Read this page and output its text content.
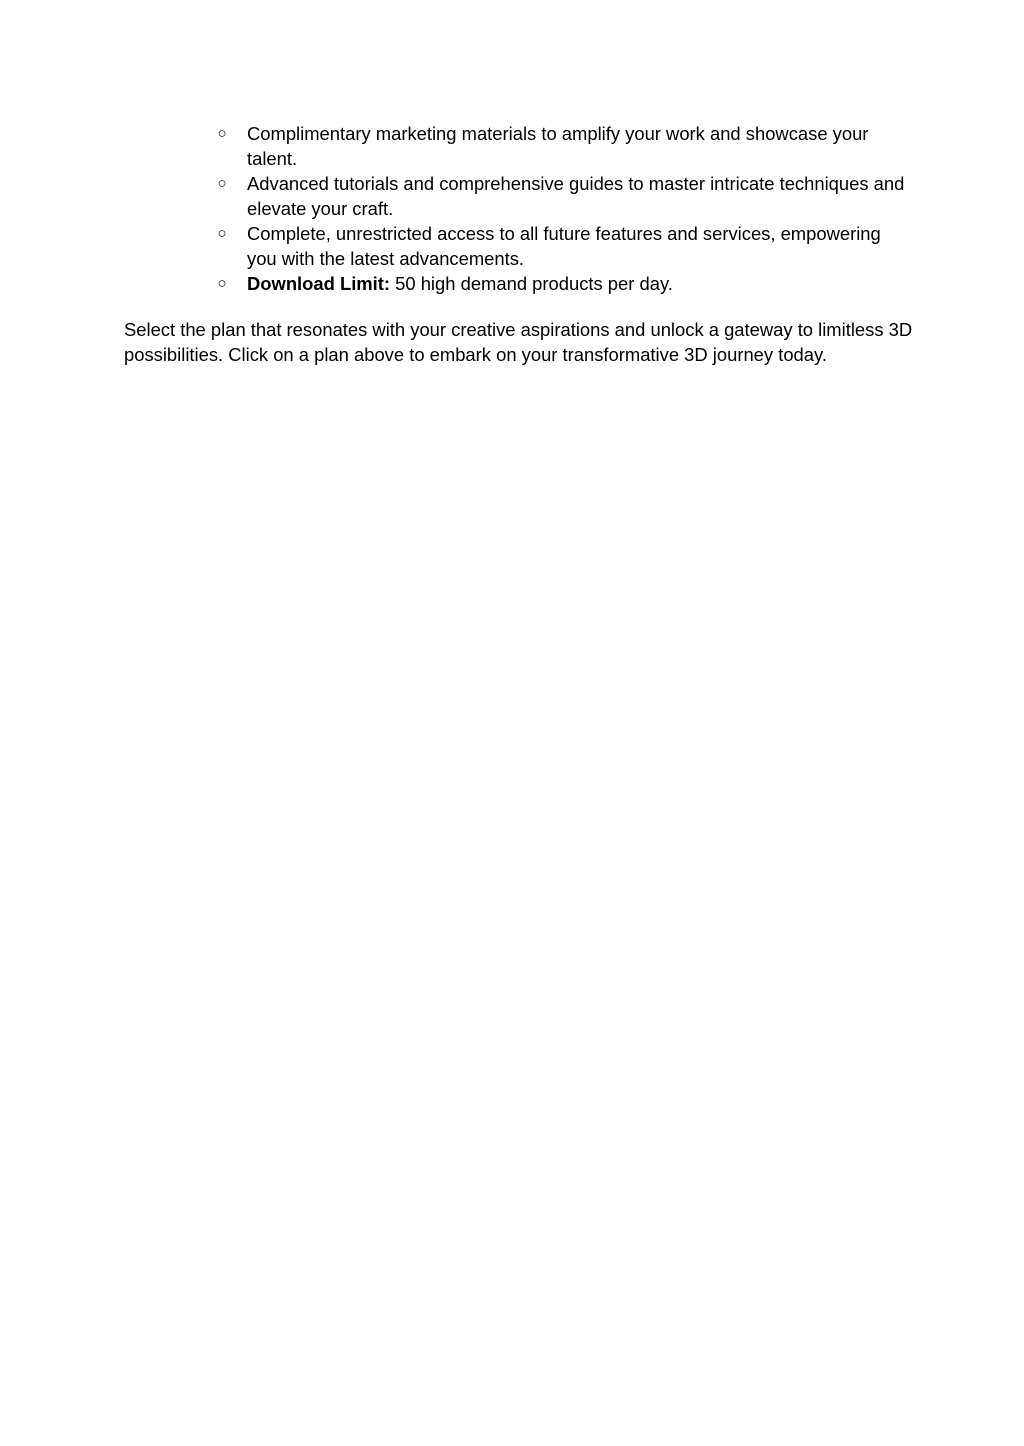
○ Complimentary marketing materials to amplify your work and showcase your talent.
○ Advanced tutorials and comprehensive guides to master intricate techniques and elevate your craft.
○ Complete, unrestricted access to all future features and services, empowering you with the latest advancements.
○ Download Limit: 50 high demand products per day.

Select the plan that resonates with your creative aspirations and unlock a gateway to limitless 3D possibilities. Click on a plan above to embark on your transformative 3D journey today.
